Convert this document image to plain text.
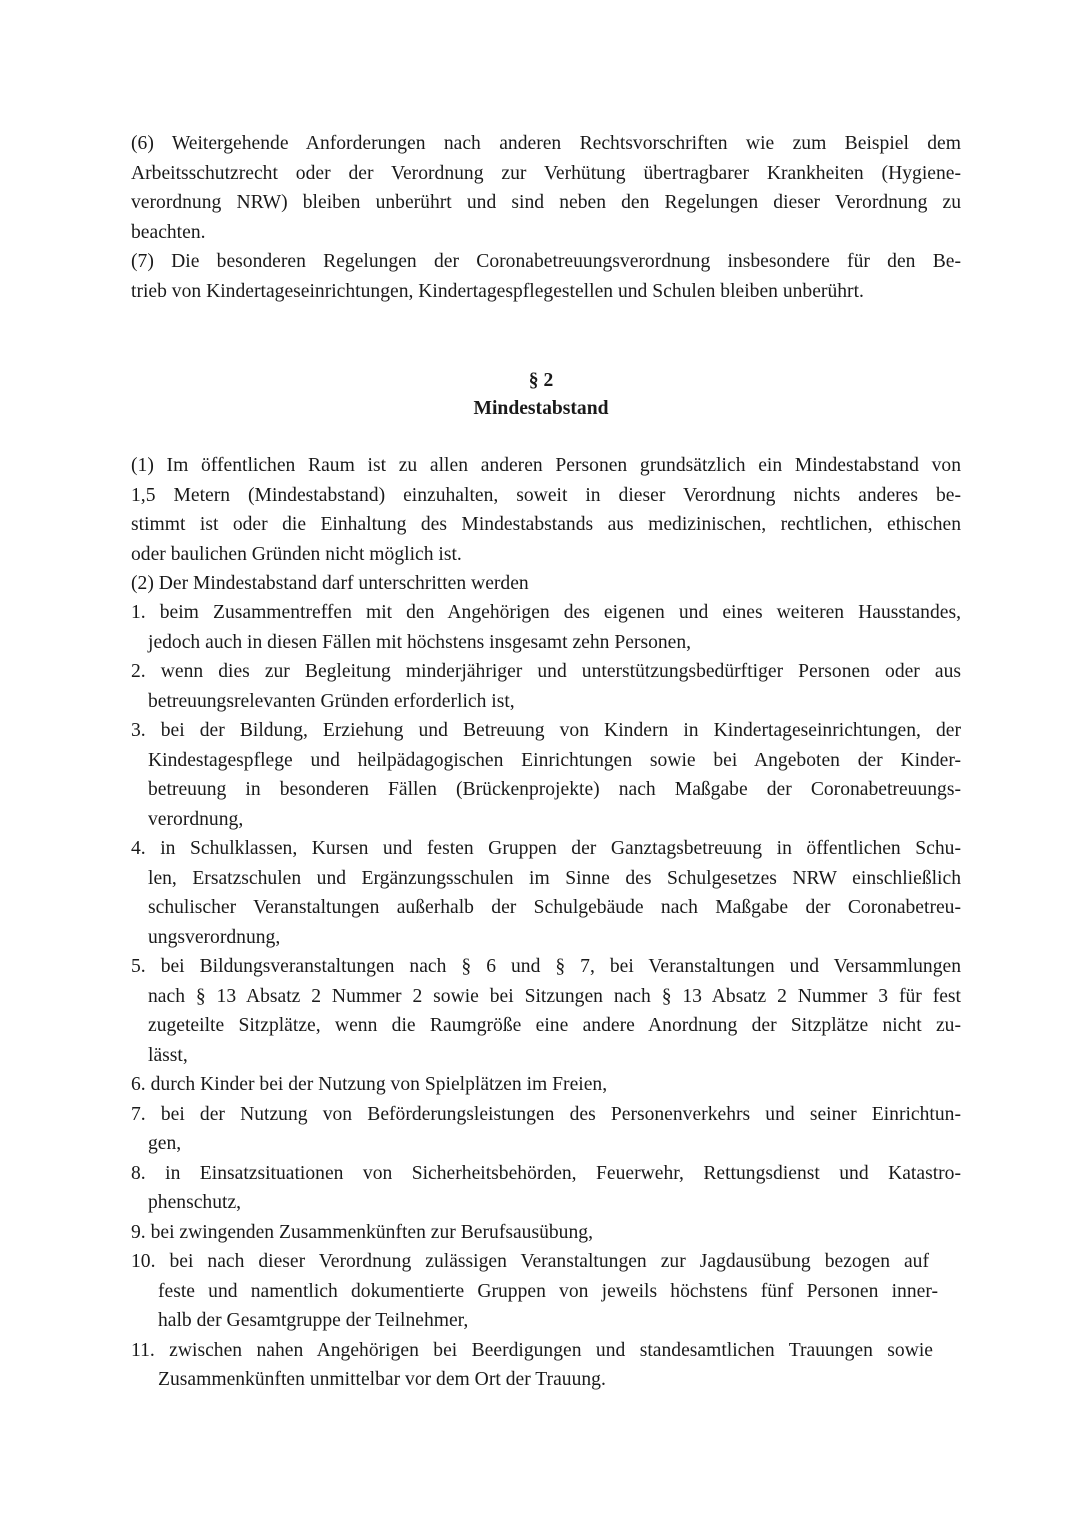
(6) Weitergehende Anforderungen nach anderen Rechtsvorschriften wie zum Beispiel dem
Arbeitsschutzrecht oder der Verordnung zur Verhütung übertragbarer Krankheiten (Hygiene-
verordnung NRW) bleiben unberührt und sind neben den Regelungen dieser Verordnung zu
beachten.
(7) Die besonderen Regelungen der Coronabetreuungsverordnung insbesondere für den Be-
trieb von Kindertageseinrichtungen, Kindertagespflegestellen und Schulen bleiben unberührt.
§ 2
Mindestabstand
(1) Im öffentlichen Raum ist zu allen anderen Personen grundsätzlich ein Mindestabstand von
1,5 Metern (Mindestabstand) einzuhalten, soweit in dieser Verordnung nichts anderes be-
stimmt ist oder die Einhaltung des Mindestabstands aus medizinischen, rechtlichen, ethischen
oder baulichen Gründen nicht möglich ist.
(2) Der Mindestabstand darf unterschritten werden
1. beim Zusammentreffen mit den Angehörigen des eigenen und eines weiteren Hausstandes,
jedoch auch in diesen Fällen mit höchstens insgesamt zehn Personen,
2. wenn dies zur Begleitung minderjähriger und unterstützungsbedürftiger Personen oder aus
betreuungsrelevanten Gründen erforderlich ist,
3. bei der Bildung, Erziehung und Betreuung von Kindern in Kindertageseinrichtungen, der
Kindestagespflege und heilpädagogischen Einrichtungen sowie bei Angeboten der Kinder-
betreuung in besonderen Fällen (Brückenprojekte) nach Maßgabe der Coronabetreuungs-
verordnung,
4. in Schulklassen, Kursen und festen Gruppen der Ganztagsbetreuung in öffentlichen Schu-
len, Ersatzschulen und Ergänzungsschulen im Sinne des Schulgesetzes NRW einschließlich
schulischer Veranstaltungen außerhalb der Schulgebäude nach Maßgabe der Coronabetreu-
ungsverordnung,
5. bei Bildungsveranstaltungen nach § 6 und § 7, bei Veranstaltungen und Versammlungen
nach § 13 Absatz 2 Nummer 2 sowie bei Sitzungen nach § 13 Absatz 2 Nummer 3 für fest
zugeteilte Sitzplätze, wenn die Raumgröße eine andere Anordnung der Sitzplätze nicht zu-
lässt,
6. durch Kinder bei der Nutzung von Spielplätzen im Freien,
7. bei der Nutzung von Beförderungsleistungen des Personenverkehrs und seiner Einrichtun-
gen,
8. in Einsatzsituationen von Sicherheitsbehörden, Feuerwehr, Rettungsdienst und Katastro-
phenschutz,
9. bei zwingenden Zusammenkünften zur Berufsausübung,
10. bei nach dieser Verordnung zulässigen Veranstaltungen zur Jagdausübung bezogen auf
feste und namentlich dokumentierte Gruppen von jeweils höchstens fünf Personen inner-
halb der Gesamtgruppe der Teilnehmer,
11. zwischen nahen Angehörigen bei Beerdigungen und standesamtlichen Trauungen sowie
Zusammenkünften unmittelbar vor dem Ort der Trauung.
